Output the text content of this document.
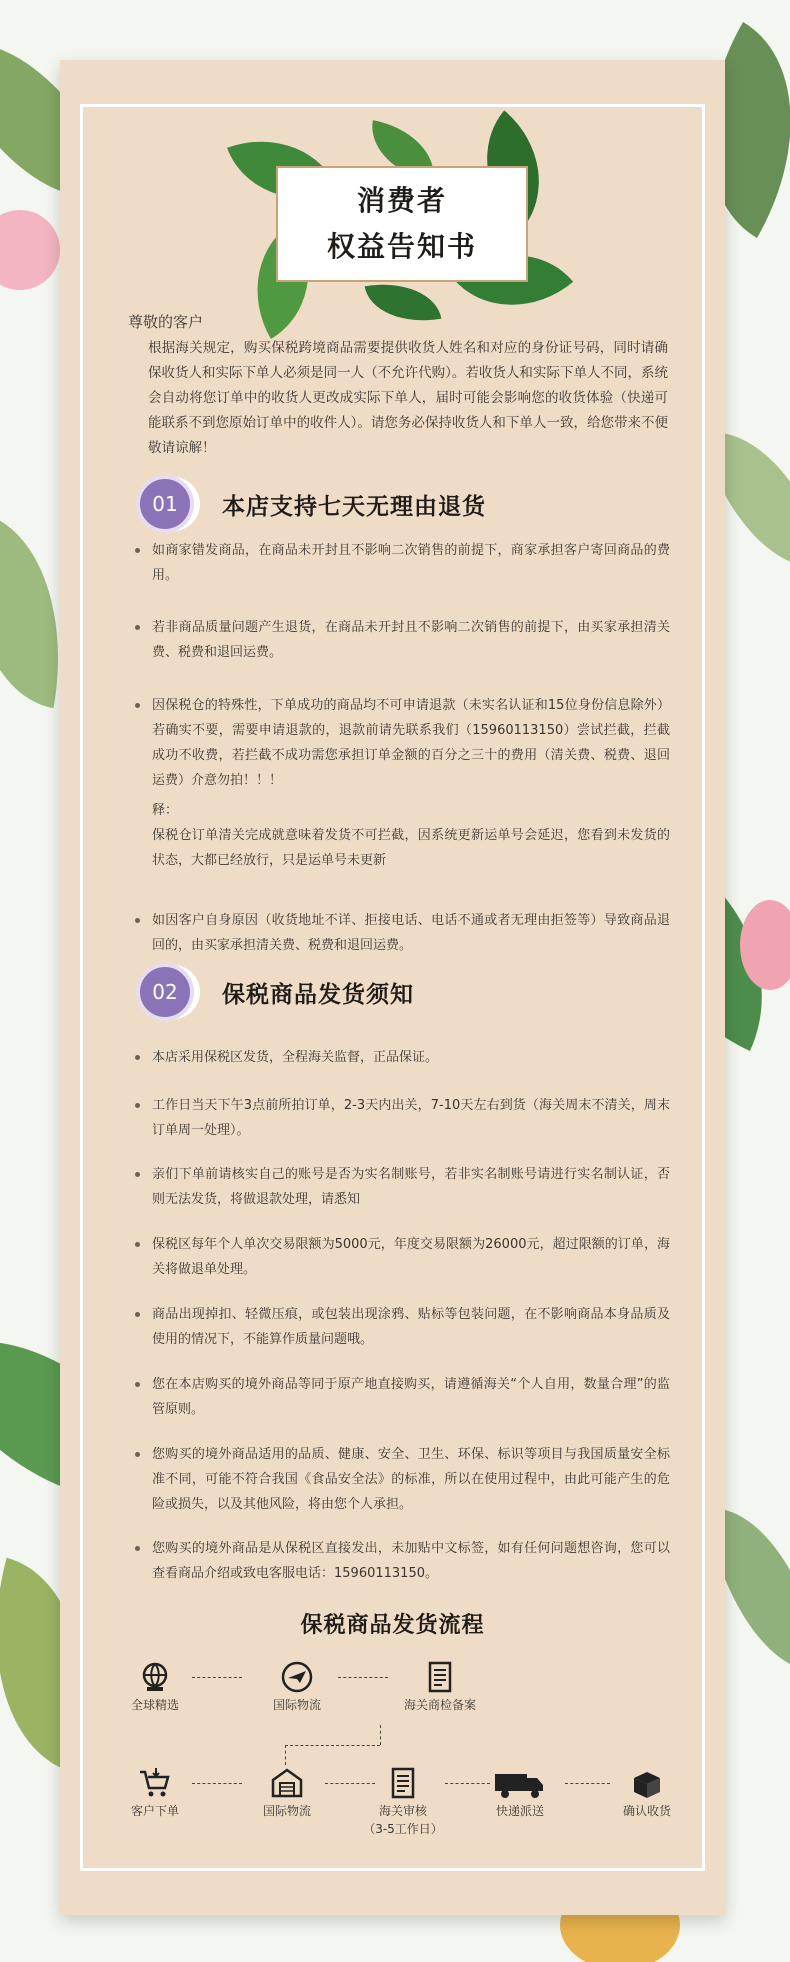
消费者
权益告知书
尊敬的客户
根据海关规定，购买保税跨境商品需要提供收货人姓名和对应的身份证号码，同时请确保收货人和实际下单人必须是同一人（不允许代购）。若收货人和实际下单人不同，系统会自动将您订单中的收货人更改成实际下单人，届时可能会影响您的收货体验（快递可能联系不到您原始订单中的收件人）。请您务必保持收货人和下单人一致，给您带来不便敬请谅解！
01	本店支持七天无理由退货
如商家错发商品，在商品未开封且不影响二次销售的前提下，商家承担客户寄回商品的费用。
若非商品质量问题产生退货，在商品未开封且不影响二次销售的前提下，由买家承担清关费、税费和退回运费。
因保税仓的特殊性，下单成功的商品均不可申请退款（未实名认证和15位身份信息除外）若确实不要，需要申请退款的，退款前请先联系我们（15960113150）尝试拦截，拦截成功不收费，若拦截不成功需您承担订单金额的百分之三十的费用（清关费、税费、退回运费）介意勿拍！！！
释：
保税仓订单清关完成就意味着发货不可拦截，因系统更新运单号会延迟，您看到未发货的状态，大都已经放行，只是运单号未更新
如因客户自身原因（收货地址不详、拒接电话、电话不通或者无理由拒签等）导致商品退回的，由买家承担清关费、税费和退回运费。
02	保税商品发货须知
本店采用保税区发货，全程海关监督，正品保证。
工作日当天下午3点前所拍订单，2-3天内出关，7-10天左右到货（海关周末不清关，周末订单周一处理）。
亲们下单前请核实自己的账号是否为实名制账号，若非实名制账号请进行实名制认证，否则无法发货，将做退款处理，请悉知
保税区每年个人单次交易限额为5000元，年度交易限额为26000元，超过限额的订单，海关将做退单处理。
商品出现掉扣、轻微压痕，或包装出现涂鸦、贴标等包装问题，在不影响商品本身品质及使用的情况下，不能算作质量问题哦。
您在本店购买的境外商品等同于原产地直接购买，请遵循海关“个人自用，数量合理”的监管原则。
您购买的境外商品适用的品质、健康、安全、卫生、环保、标识等项目与我国质量安全标准不同，可能不符合我国《食品安全法》的标准，所以在使用过程中，由此可能产生的危险或损失，以及其他风险，将由您个人承担。
您购买的境外商品是从保税区直接发出，未加贴中文标签，如有任何问题想咨询，您可以查看商品介绍或致电客服电话：15960113150。
保税商品发货流程
全球精选	国际物流	海关商检备案
客户下单	国际物流	海关审核
（3-5工作日）
快递派送	确认收货
